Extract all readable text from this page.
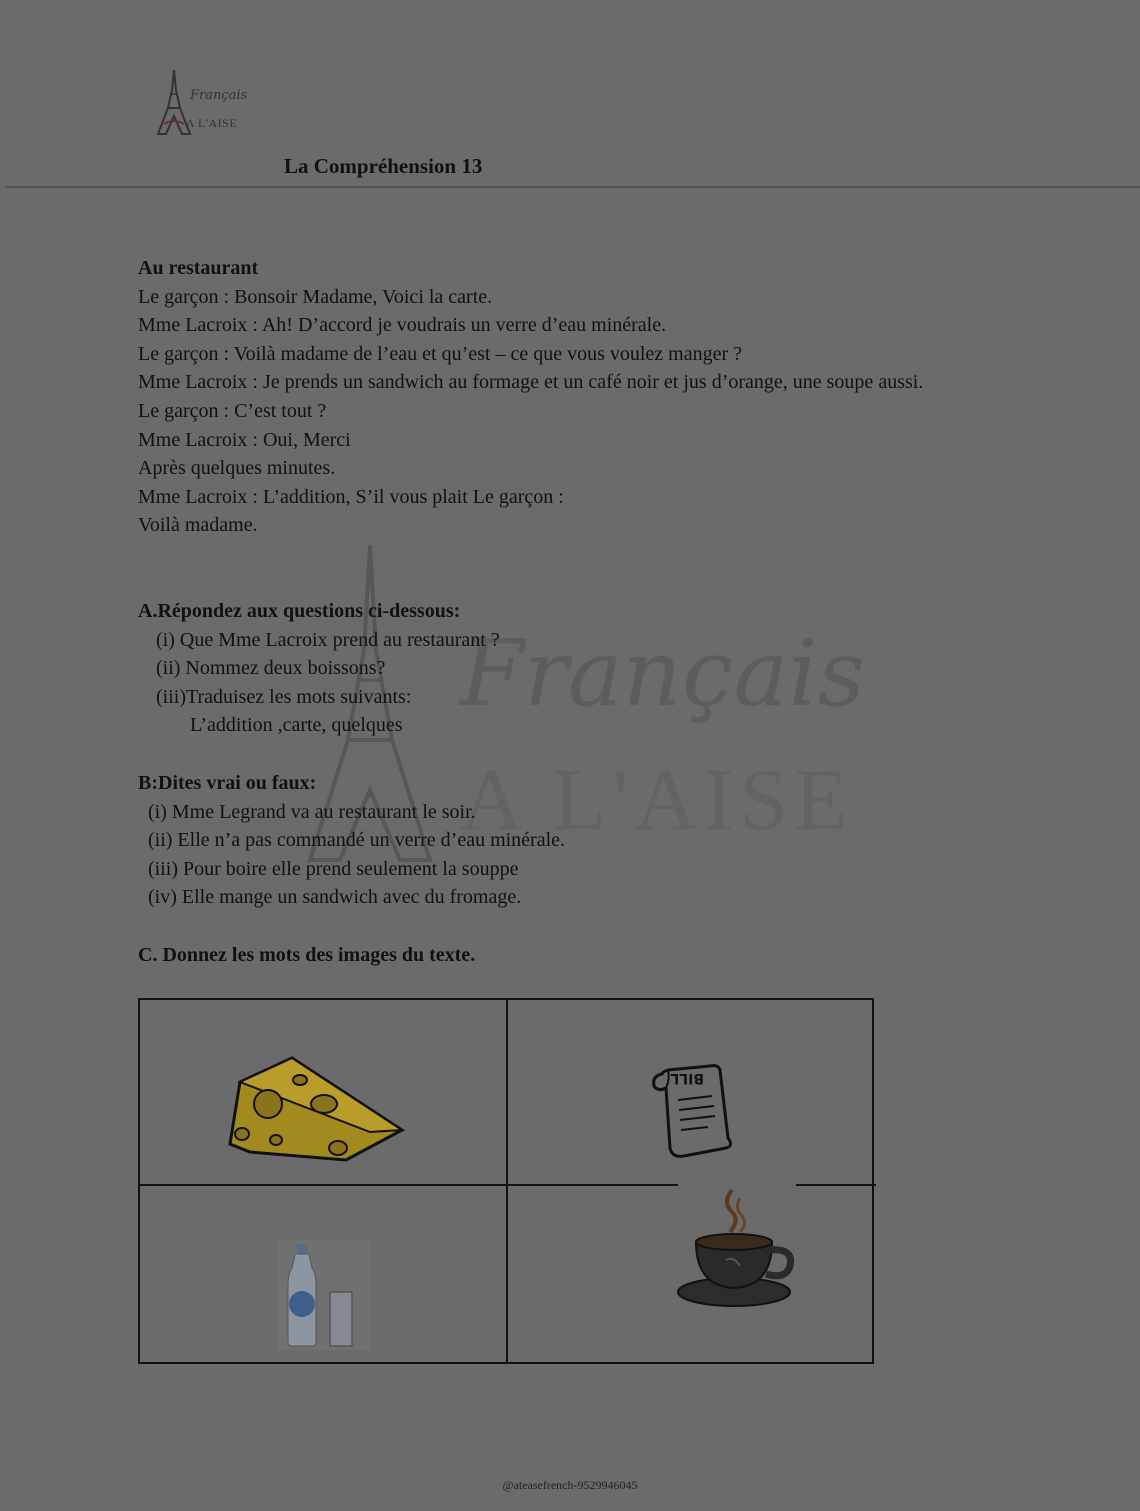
Français
A L'AISE
La Compréhension 13
Français
A L'AISE

Au restaurant

Le garçon : Bonsoir Madame, Voici la carte.

Mme Lacroix : Ah! D’accord je voudrais un verre d’eau minérale.

Le garçon : Voilà madame de l’eau et qu’est – ce que vous voulez manger ?

Mme Lacroix : Je prends un sandwich au formage et un café noir et jus d’orange, une soupe aussi.

Le garçon : C’est tout ?

Mme Lacroix : Oui, Merci

Après quelques minutes.

Mme Lacroix : L’addition, S’il vous plait Le garçon :

Voilà madame.

A.Répondez aux questions ci-dessous:
(i) Que Mme Lacroix prend au restaurant ?
(ii) Nommez deux boissons?
(iii)Traduisez les mots suivants:
L’addition ,carte, quelques
B:Dites vrai ou faux:
(i) Mme Legrand va au restaurant le soir.
(ii) Elle n’a pas commandé un verre d’eau minérale.
(iii) Pour boire elle prend seulement la souppe
(iv) Elle mange un sandwich avec du fromage.
C. Donnez les mots des images du texte.
BILL
@ateasefrench-9529946045
